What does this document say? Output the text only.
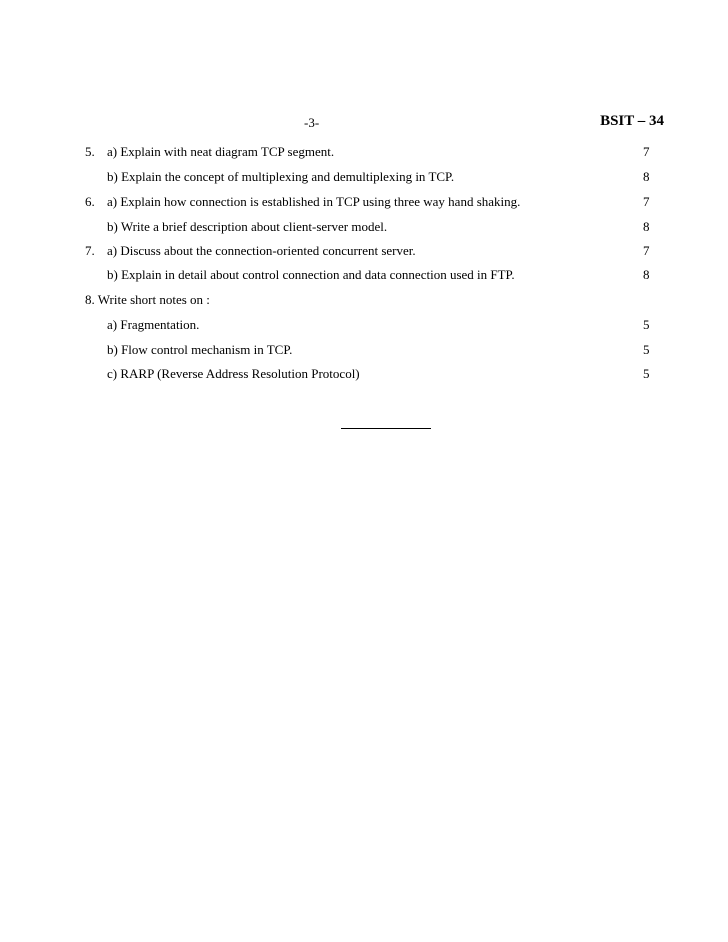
-3-	BSIT – 34
5. a) Explain with neat diagram TCP segment.	7
b) Explain the concept of multiplexing and demultiplexing in TCP.	8
6. a) Explain how connection is established in TCP using three way hand shaking.	7
b) Write a brief description about client-server model.	8
7. a) Discuss about the connection-oriented concurrent server.	7
b) Explain in detail about control connection and data connection used in FTP.	8
8. Write short notes on :
a) Fragmentation.	5
b) Flow control mechanism in TCP.	5
c) RARP (Reverse Address Resolution Protocol)	5
